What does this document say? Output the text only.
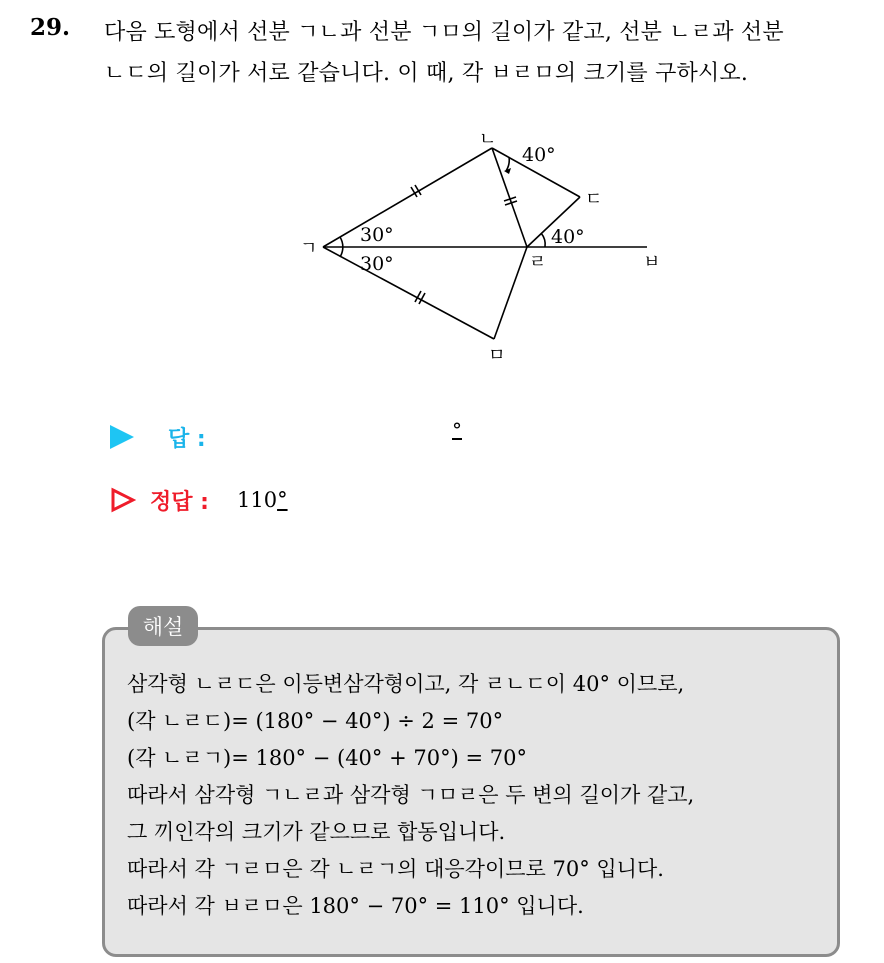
29. 다음 도형에서 선분 ㄱㄴ과 선분 ㄱㅁ의 길이가 같고, 선분 ㄴㄹ과 선분
ㄴㄷ의 길이가 서로 같습니다. 이 때, 각 ㅂㄹㅁ의 크기를 구하시오.
ㄱ
ㄴ
ㄷ
ㄹ	ㅂ
ㅁ
30°
30°
40°
40°
답 :	°
정답 : 110 °
해설
삼각형 ㄴㄹㄷ은 이등변삼각형이고, 각 ㄹㄴㄷ이 40° 이므로,
(각 ㄴㄹㄷ)= (180° − 40°) ÷ 2 = 70°
(각 ㄴㄹㄱ)= 180° − (40° + 70°) = 70°
따라서 삼각형 ㄱㄴㄹ과 삼각형 ㄱㅁㄹ은 두 변의 길이가 같고,
그 끼인각의 크기가 같으므로 합동입니다.
따라서 각 ㄱㄹㅁ은 각 ㄴㄹㄱ의 대응각이므로 70° 입니다.
따라서 각 ㅂㄹㅁ은 180° − 70° = 110° 입니다.
